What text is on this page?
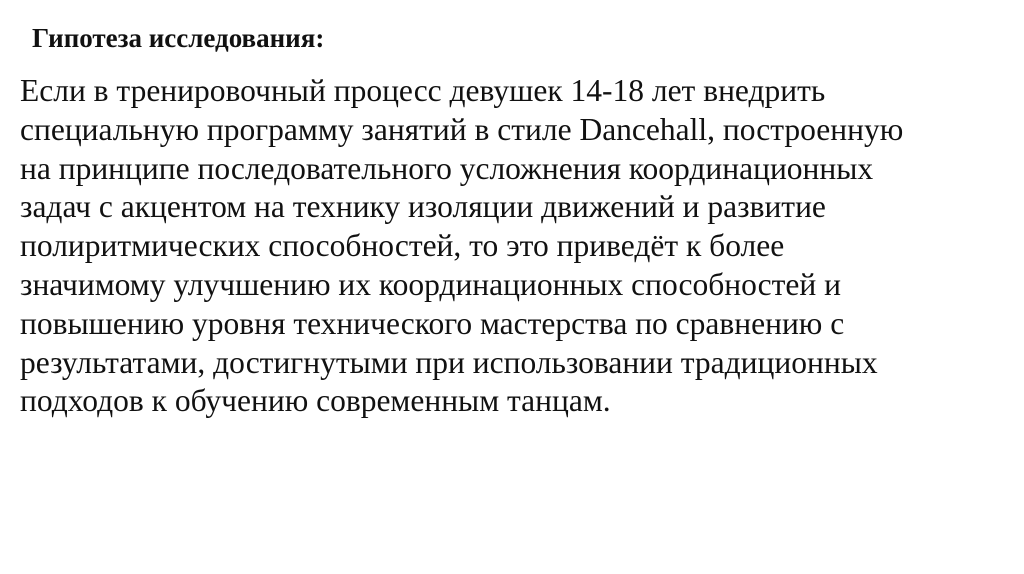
Гипотеза исследования:

Если в тренировочный процесс девушек 14-18 лет внедрить
специальную программу занятий в стиле Dancehall, построенную
на принципе последовательного усложнения координационных
задач с акцентом на технику изоляции движений и развитие
полиритмических способностей, то это приведёт к более
значимому улучшению их координационных способностей и
повышению уровня технического мастерства по сравнению с
результатами, достигнутыми при использовании традиционных
подходов к обучению современным танцам.
